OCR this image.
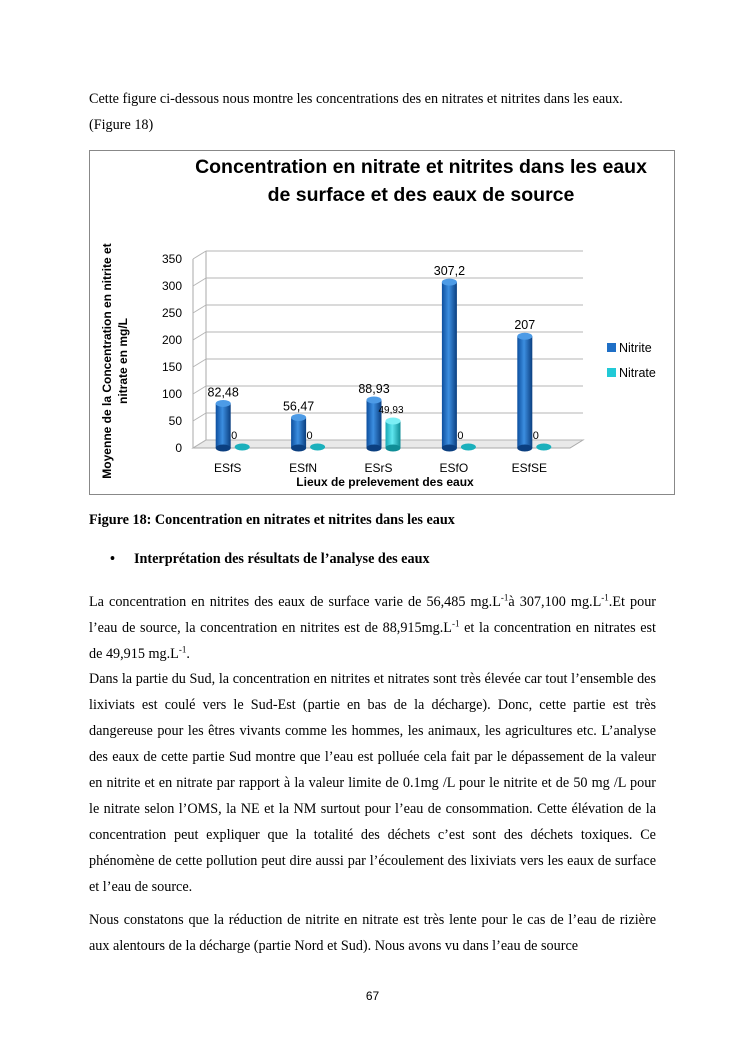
Cette figure ci-dessous nous montre les concentrations des en nitrates et nitrites dans les eaux.
(Figure 18)

Concentration en nitrate et nitrites dans les eaux de surface et des eaux de source
Moyenne de la Concentration en nitrite et nitrate en mg/L
0
50
100
150
200
250
300
350
82,48
0
ESfS
56,47
0
ESfN
88,93
49,93
ESrS
307,2
0
ESfO
207
0
ESfSE
Lieux de prelevement des eaux
Nitrite
Nitrate
Figure 18: Concentration en nitrates et nitrites dans les eaux
• Interprétation des résultats de l’analyse des eaux

La concentration en nitrites des eaux de surface varie de 56,485 $mg.L^{-1}à$ 307,100 $mg.L^{-1}.Et$ pour l’eau de source, la concentration en nitrites est de $88,915mg.L^{-1}$ et la concentration en nitrates est de 49,915 $mg.L^{-1}$.

Dans la partie du Sud, la concentration en nitrites et nitrates sont très élevée car tout l’ensemble des lixiviats est coulé vers le Sud-Est (partie en bas de la décharge). Donc, cette partie est très dangereuse pour les êtres vivants comme les hommes, les animaux, les agricultures etc. L’analyse des eaux de cette partie Sud montre que l’eau est polluée cela fait par le dépassement de la valeur en nitrite et en nitrate par rapport à la valeur limite de 0.1mg /L pour le nitrite et de 50 mg /L pour le nitrate selon l’OMS, la NE et la NM surtout pour l’eau de consommation. Cette élévation de la concentration peut expliquer que la totalité des déchets c’est sont des déchets toxiques. Ce phénomène de cette pollution peut dire aussi par l’écoulement des lixiviats vers les eaux de surface et l’eau de source.

Nous constatons que la réduction de nitrite en nitrate est très lente pour le cas de l’eau de rizière aux alentours de la décharge (partie Nord et Sud). Nous avons vu dans l’eau de source

67
